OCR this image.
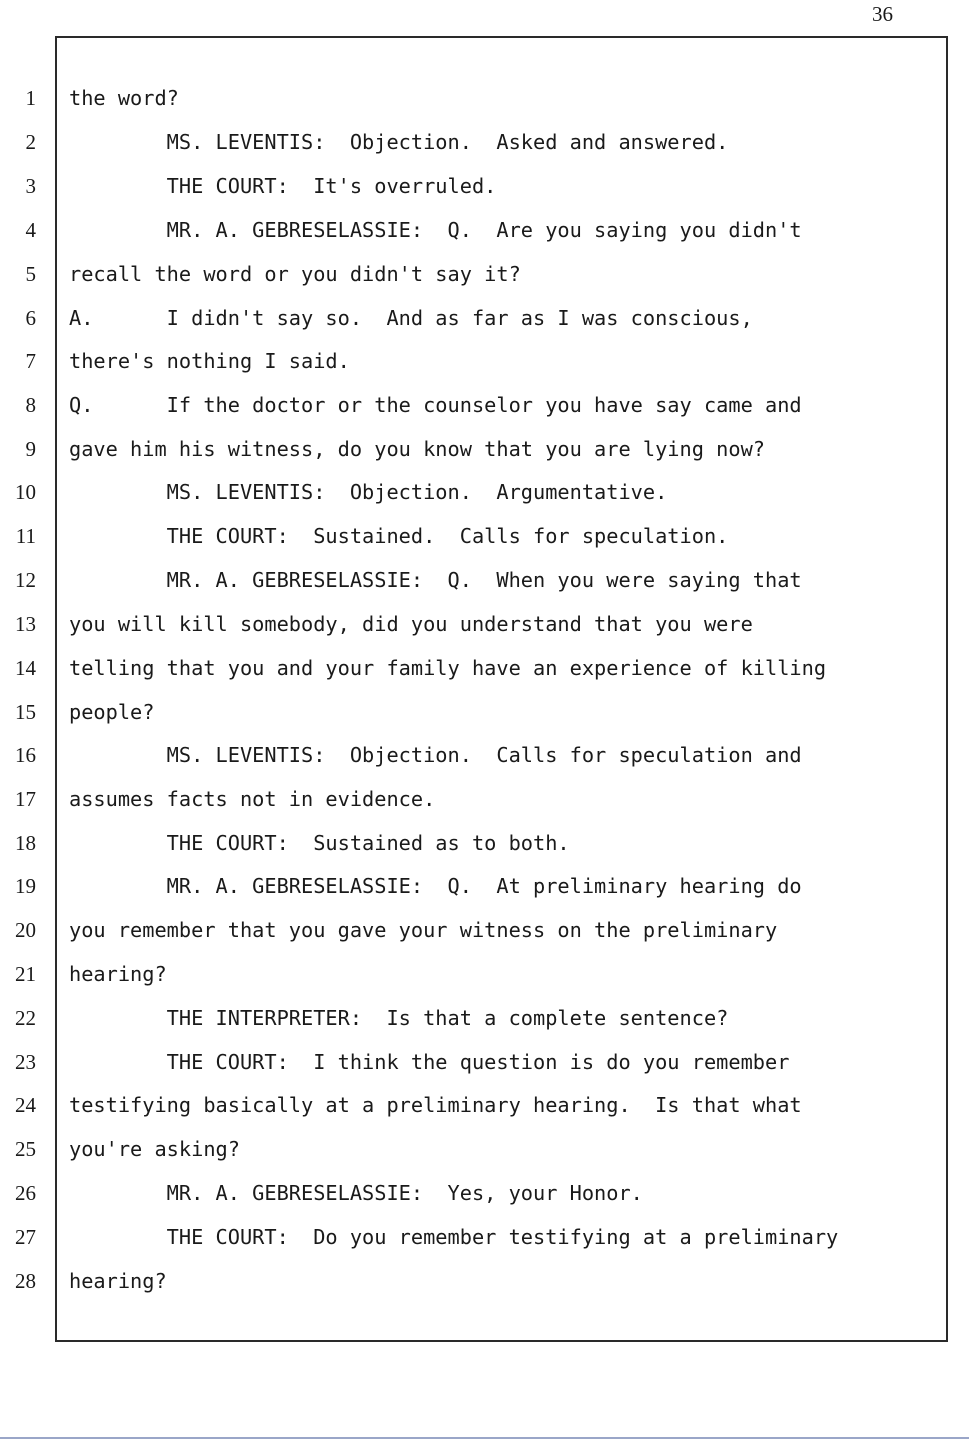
36
1 the word?
2 MS. LEVENTIS:  Objection.  Asked and answered.
3 THE COURT:  It's overruled.
4 MR. A. GEBRESELASSIE:  Q.  Are you saying you didn't
5 recall the word or you didn't say it?
6 A.      I didn't say so.  And as far as I was conscious,
7 there's nothing I said.
8 Q.      If the doctor or the counselor you have say came and
9 gave him his witness, do you know that you are lying now?
10 MS. LEVENTIS:  Objection.  Argumentative.
11 THE COURT:  Sustained.  Calls for speculation.
12 MR. A. GEBRESELASSIE:  Q.  When you were saying that
13 you will kill somebody, did you understand that you were
14 telling that you and your family have an experience of killing
15 people?
16 MS. LEVENTIS:  Objection.  Calls for speculation and
17 assumes facts not in evidence.
18 THE COURT:  Sustained as to both.
19 MR. A. GEBRESELASSIE:  Q.  At preliminary hearing do
20 you remember that you gave your witness on the preliminary
21 hearing?
22 THE INTERPRETER:  Is that a complete sentence?
23 THE COURT:  I think the question is do you remember
24 testifying basically at a preliminary hearing.  Is that what
25 you're asking?
26 MR. A. GEBRESELASSIE:  Yes, your Honor.
27 THE COURT:  Do you remember testifying at a preliminary
28 hearing?
